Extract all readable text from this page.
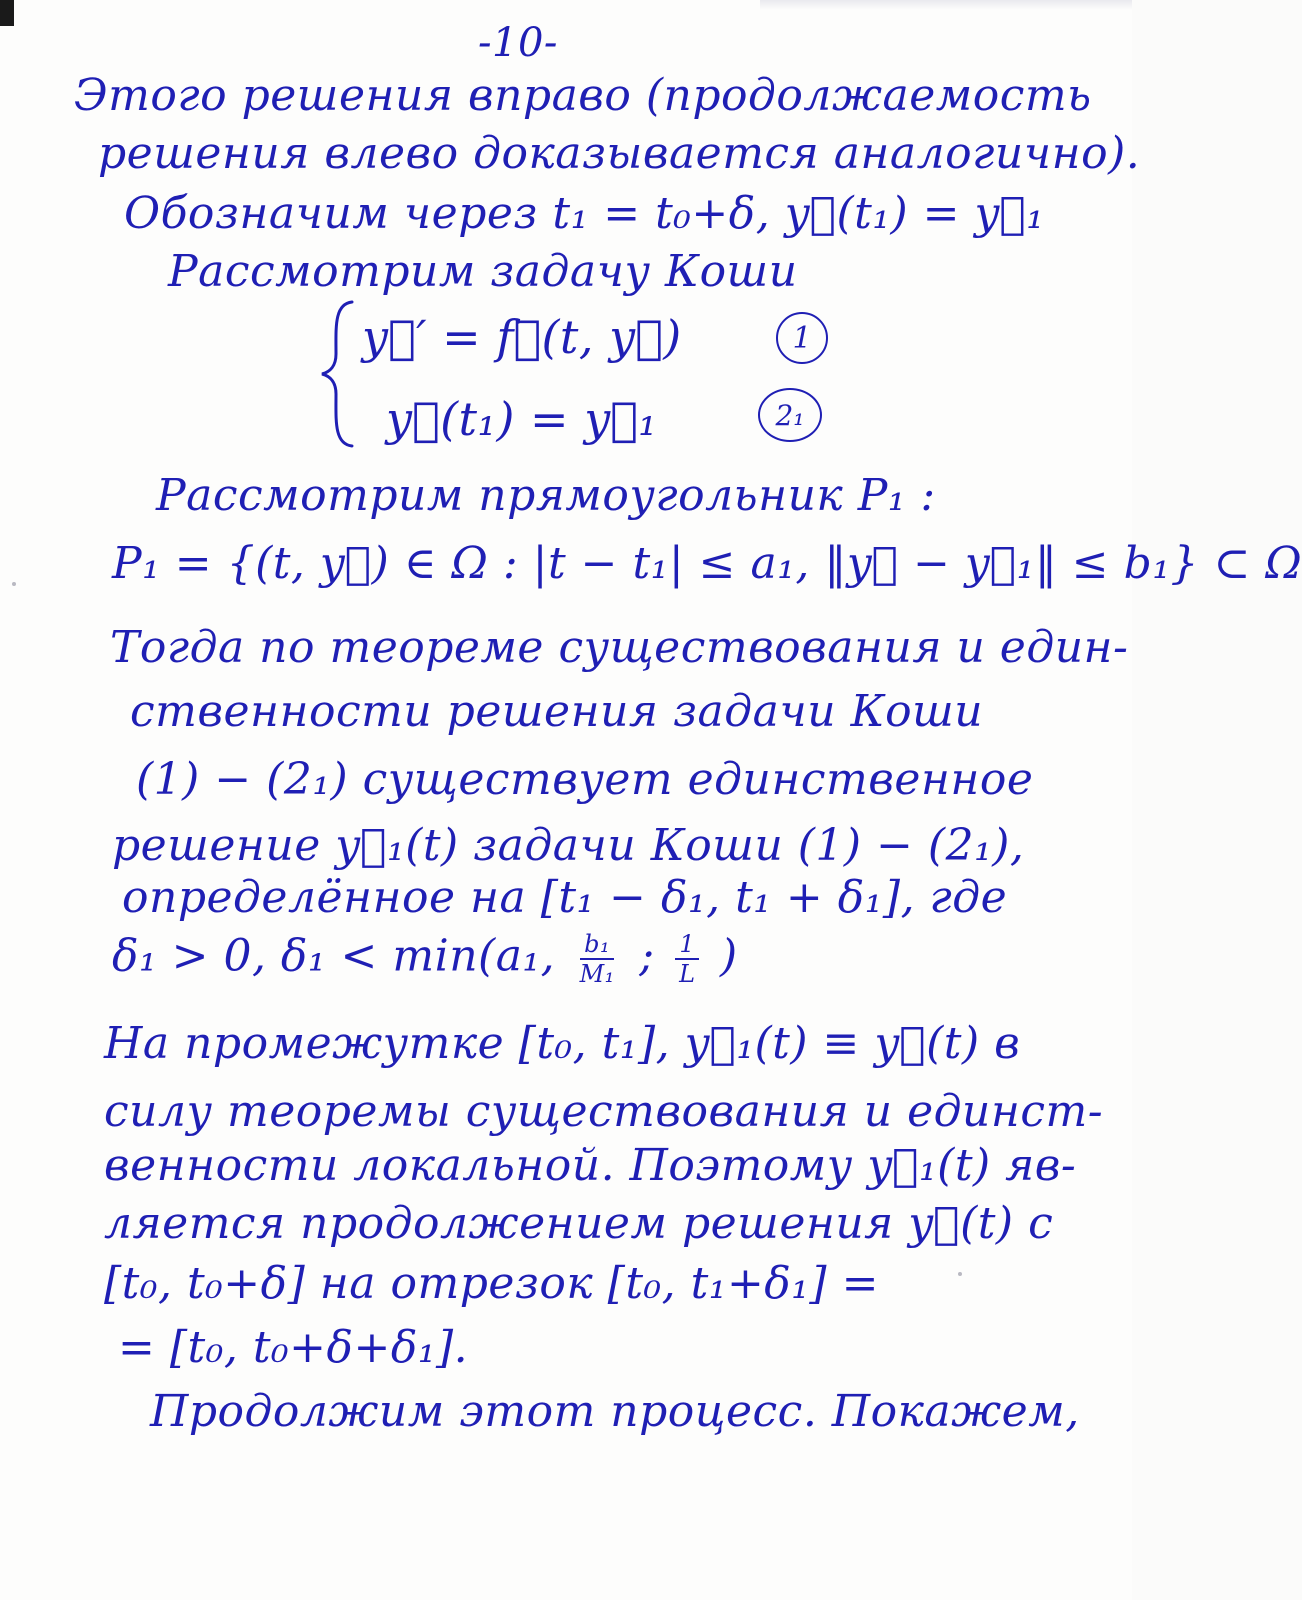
-10-
Этого решения вправо (продолжаемость
решения влево доказывается аналогично).
Обозначим через t₁ = t₀+δ, y⃗(t₁) = y⃗₁
Рассмотрим задачу Коши
y⃗′ = f⃗(t, y⃗)
y⃗(t₁) = y⃗₁
1
2₁
Рассмотрим прямоугольник P₁ :
P₁ = {(t, y⃗) ∈ Ω : |t − t₁| ≤ a₁, ‖y⃗ − y⃗₁‖ ≤ b₁} ⊂ Ω
Тогда по теореме существования и един-
ственности решения задачи Коши
(1) − (2₁) существует единственное
решение y⃗₁(t) задачи Коши (1) − (2₁),
определённое на [t₁ − δ₁, t₁ + δ₁], где
δ₁ > 0, δ₁ < min(a₁, $\frac{\text{b₁}}{\text{M₁}}$ ; $\frac{1}{L}$ )
На промежутке [t₀, t₁], y⃗₁(t) ≡ y⃗(t) в
силу теоремы существования и единст-
венности локальной. Поэтому y⃗₁(t) яв-
ляется продолжением решения y⃗(t) с
[t₀, t₀+δ] на отрезок [t₀, t₁+δ₁] =
= [t₀, t₀+δ+δ₁].
Продолжим этот процесс. Покажем,
